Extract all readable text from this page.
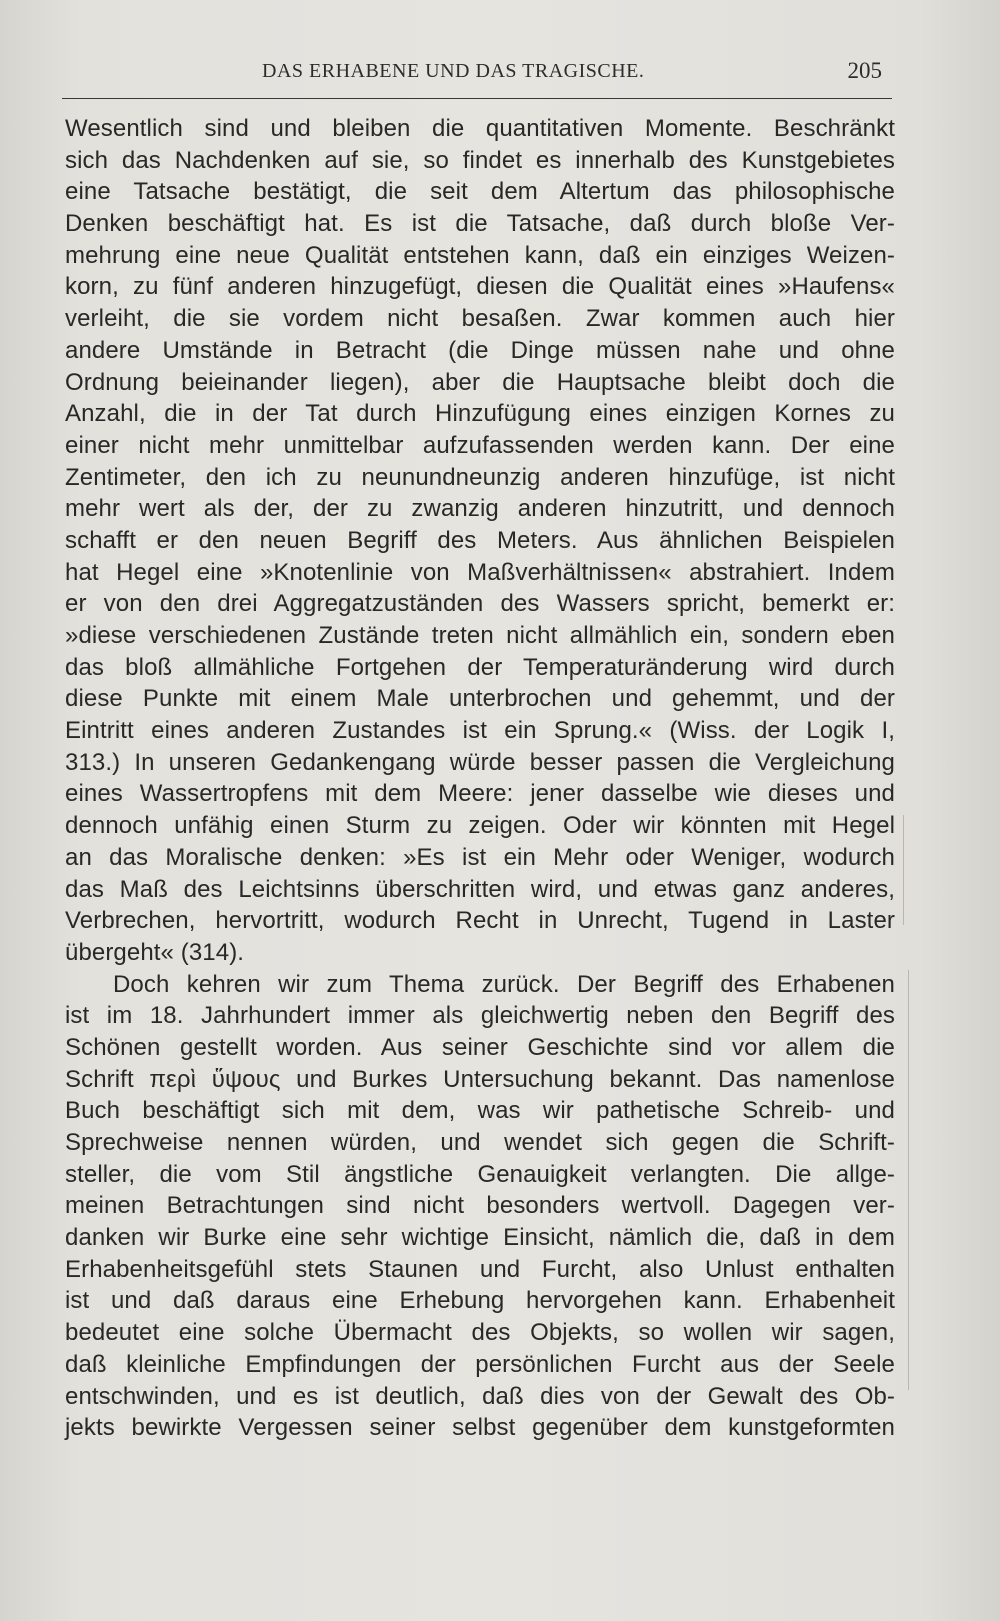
DAS ERHABENE UND DAS TRAGISCHE.	205
Wesentlich sind und bleiben die quantitativen Momente. Beschränkt
sich das Nachdenken auf sie, so findet es innerhalb des Kunstgebietes
eine Tatsache bestätigt, die seit dem Altertum das philosophische
Denken beschäftigt hat. Es ist die Tatsache, daß durch bloße Ver-
mehrung eine neue Qualität entstehen kann, daß ein einziges Weizen-
korn, zu fünf anderen hinzugefügt, diesen die Qualität eines »Haufens«
verleiht, die sie vordem nicht besaßen. Zwar kommen auch hier
andere Umstände in Betracht (die Dinge müssen nahe und ohne
Ordnung beieinander liegen), aber die Hauptsache bleibt doch die
Anzahl, die in der Tat durch Hinzufügung eines einzigen Kornes zu
einer nicht mehr unmittelbar aufzufassenden werden kann. Der eine
Zentimeter, den ich zu neunundneunzig anderen hinzufüge, ist nicht
mehr wert als der, der zu zwanzig anderen hinzutritt, und dennoch
schafft er den neuen Begriff des Meters. Aus ähnlichen Beispielen
hat Hegel eine »Knotenlinie von Maßverhältnissen« abstrahiert. Indem
er von den drei Aggregatzuständen des Wassers spricht, bemerkt er:
»diese verschiedenen Zustände treten nicht allmählich ein, sondern eben
das bloß allmähliche Fortgehen der Temperaturänderung wird durch
diese Punkte mit einem Male unterbrochen und gehemmt, und der
Eintritt eines anderen Zustandes ist ein Sprung.« (Wiss. der Logik I,
313.) In unseren Gedankengang würde besser passen die Vergleichung
eines Wassertropfens mit dem Meere: jener dasselbe wie dieses und
dennoch unfähig einen Sturm zu zeigen. Oder wir könnten mit Hegel
an das Moralische denken: »Es ist ein Mehr oder Weniger, wodurch
das Maß des Leichtsinns überschritten wird, und etwas ganz anderes,
Verbrechen, hervortritt, wodurch Recht in Unrecht, Tugend in Laster
übergeht« (314).
Doch kehren wir zum Thema zurück. Der Begriff des Erhabenen
ist im 18. Jahrhundert immer als gleichwertig neben den Begriff des
Schönen gestellt worden. Aus seiner Geschichte sind vor allem die
Schrift περὶ ὕψους und Burkes Untersuchung bekannt. Das namenlose
Buch beschäftigt sich mit dem, was wir pathetische Schreib- und
Sprechweise nennen würden, und wendet sich gegen die Schrift-
steller, die vom Stil ängstliche Genauigkeit verlangten. Die allge-
meinen Betrachtungen sind nicht besonders wertvoll. Dagegen ver-
danken wir Burke eine sehr wichtige Einsicht, nämlich die, daß in dem
Erhabenheitsgefühl stets Staunen und Furcht, also Unlust enthalten
ist und daß daraus eine Erhebung hervorgehen kann. Erhabenheit
bedeutet eine solche Übermacht des Objekts, so wollen wir sagen,
daß kleinliche Empfindungen der persönlichen Furcht aus der Seele
entschwinden, und es ist deutlich, daß dies von der Gewalt des Ob-
jekts bewirkte Vergessen seiner selbst gegenüber dem kunstgeformten
